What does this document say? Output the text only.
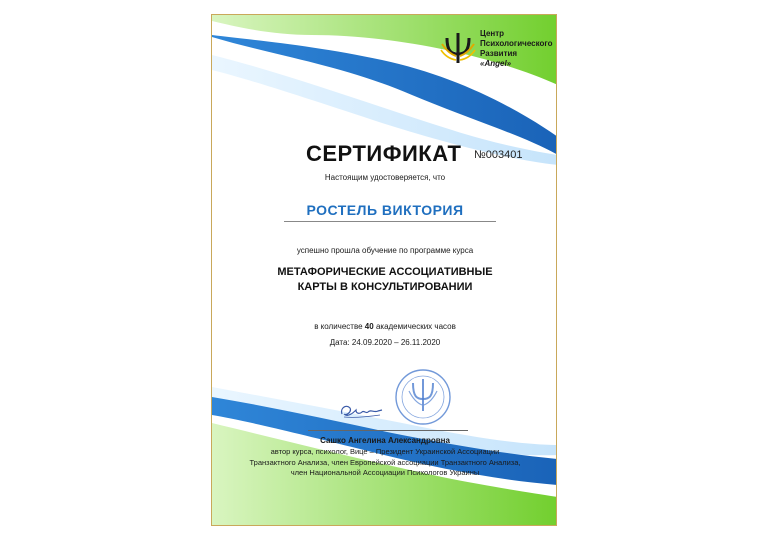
Центр
Психологического
Развития
«Angel»
СЕРТИФИКАТ	№003401
Настоящим удостоверяется, что
РОСТЕЛЬ ВИКТОРИЯ
успешно прошла обучение по программе курса
МЕТАФОРИЧЕСКИЕ АССОЦИАТИВНЫЕ
КАРТЫ В КОНСУЛЬТИРОВАНИИ
в количестве 40 академических часов
Дата: 24.09.2020 – 26.11.2020
Сашко Ангелина Александровна
автор курса, психолог, Вице – Президент Украинской Ассоциации
Транзактного Анализа, член Европейской ассоциации Транзактного Анализа,
член Национальной Ассоциации Психологов Украины
